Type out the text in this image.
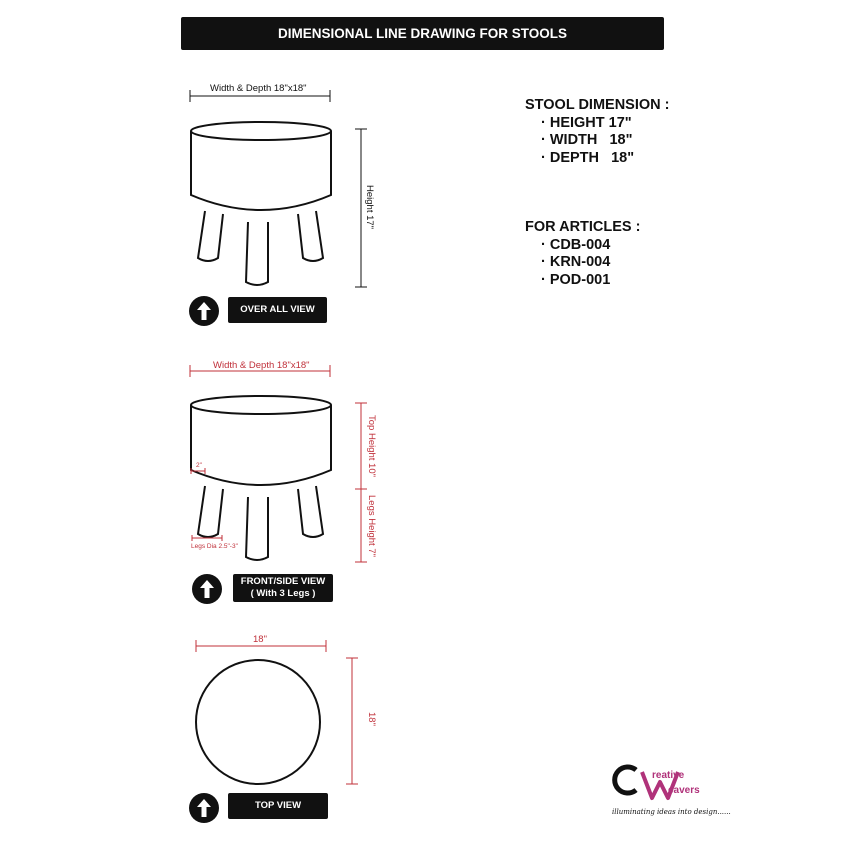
DIMENSIONAL LINE DRAWING FOR STOOLS
Width & Depth 18"x18"
Height 17"
OVER ALL VIEW
Width & Depth 18"x18"
Top Height 10"
Legs Height 7"
2"
Legs Dia 2.5"-3"
FRONT/SIDE VIEW
( With 3 Legs )
18"
18"
TOP VIEW
STOOL DIMENSION :
· HEIGHT 17"
· WIDTH   18"
· DEPTH   18"
FOR ARTICLES :
· CDB-004
· KRN-004
· POD-001
reative
eavers
illuminating ideas into design......
